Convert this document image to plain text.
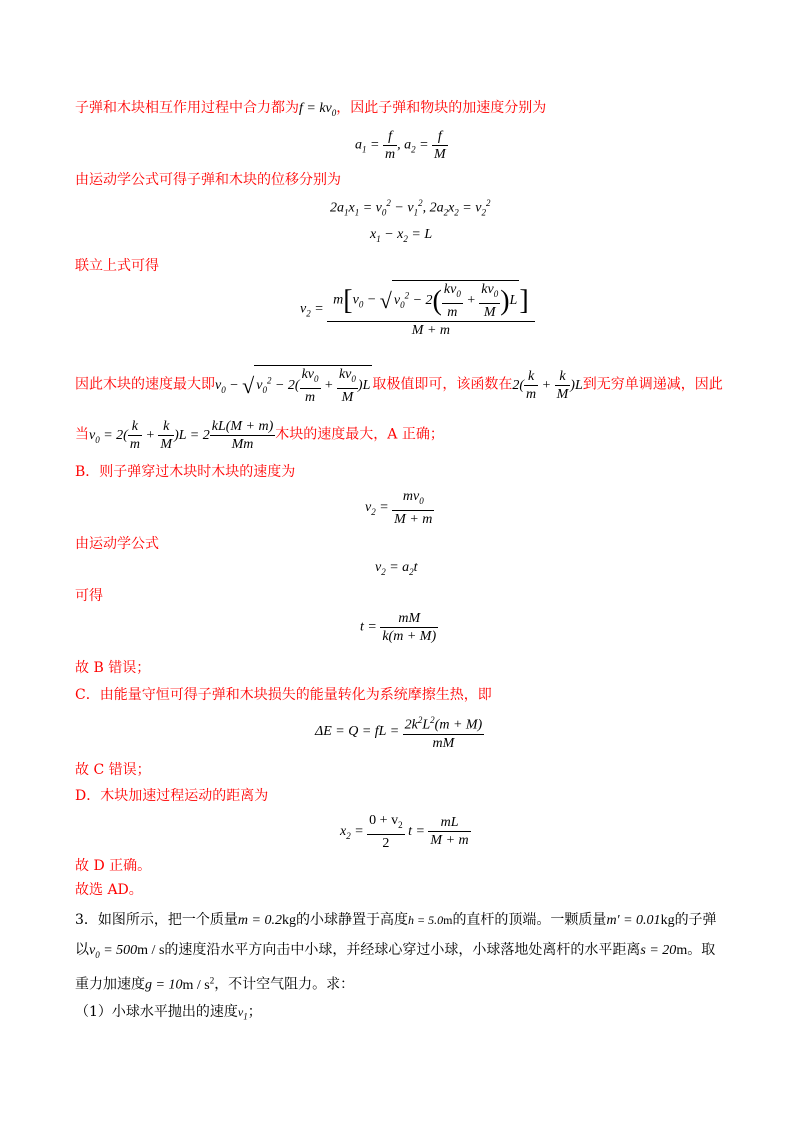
子弹和木块相互作用过程中合力都为$f = kv_0$，因此子弹和物块的加速度分别为
$a_1 = \frac{f}{m}$ , $a_2 = \frac{f}{M}$
由运动学公式可得子弹和木块的位移分别为
$2a_1x_1 = v_0^2 - v_1^2$, $2a_2x_2 = v_2^2$
$x_1 - x_2 = L$
联立上式可得
$v_2 = \frac{m[v_0 - √ v_0^2 - 2( \frac{kv_0}{m} + \frac{kv_0}{M} )L]}{M + m}$
因此木块的速度最大即$v_0$ − √ $v_0^2 - 2( \frac{kv_0}{m} + \frac{kv_0}{M} )L$ 取极值即可，该函数在$2( \frac{k}{m} + \frac{k}{M} )L$到无穷单调递减，因此
当$v_0 = 2( \frac{k}{m} + \frac{k}{M} )L = 2 \frac{kL(M + m)}{Mm}$ 木块的速度最大，A 正确；
B．则子弹穿过木块时木块的速度为
$v_2 = \frac{mv_0}{M + m}$
由运动学公式
$v_2 = a_2t$
可得
$t = \frac{mM}{k(m + M)}$
故 B 错误；
C．由能量守恒可得子弹和木块损失的能量转化为系统摩擦生热，即
ΔE = Q = fL = $\frac{2k^2L^2(m + M)}{mM}$
故 C 错误；
D．木块加速过程运动的距离为
$x_2 = \frac{0 + v_2}{2}$ $t = \frac{mL}{M + m}$
故 D 正确。
故选 AD。
3．如图所示，把一个质量m = 0.2kg的小球静置于高度h = 5.0m的直杆的顶端。一颗质量m′ = 0.01kg的子弹
以$v_0 = 500m / s$的速度沿水平方向击中小球，并经球心穿过小球，小球落地处离杆的水平距离s = 20m。取
重力加速度$g = 10m / s^2$，不计空气阻力。求：
（1）小球水平抛出的速度$v_1$；
